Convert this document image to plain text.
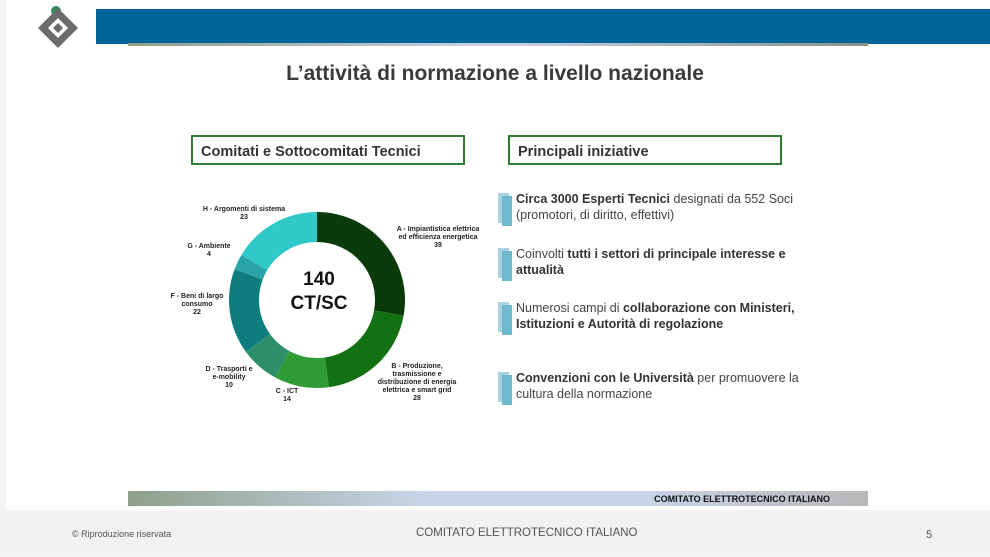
L’attività di normazione a livello nazionale
Comitati e Sottocomitati Tecnici	Principali iniziative
A - Impiantistica elettrica ed efficienza energetica
39
B - Produzione, trasmissione e distribuzione di energia elettrica e smart grid
28
C - ICT
14
D - Trasporti e e-mobility
10
F - Beni di largo consumo
22
G - Ambiente
4
H - Argomenti di sistema
23
140
CT/SC
Circa 3000 Esperti Tecnici designati da 552 Soci (promotori, di diritto, effettivi)
Coinvolti tutti i settori di principale interesse e attualità
Numerosi campi di collaborazione con Ministeri, Istituzioni e Autorità di regolazione
Convenzioni con le Università per promuovere la cultura della normazione
COMITATO ELETTROTECNICO ITALIANO
© Riproduzione riservata	COMITATO ELETTROTECNICO ITALIANO	5
